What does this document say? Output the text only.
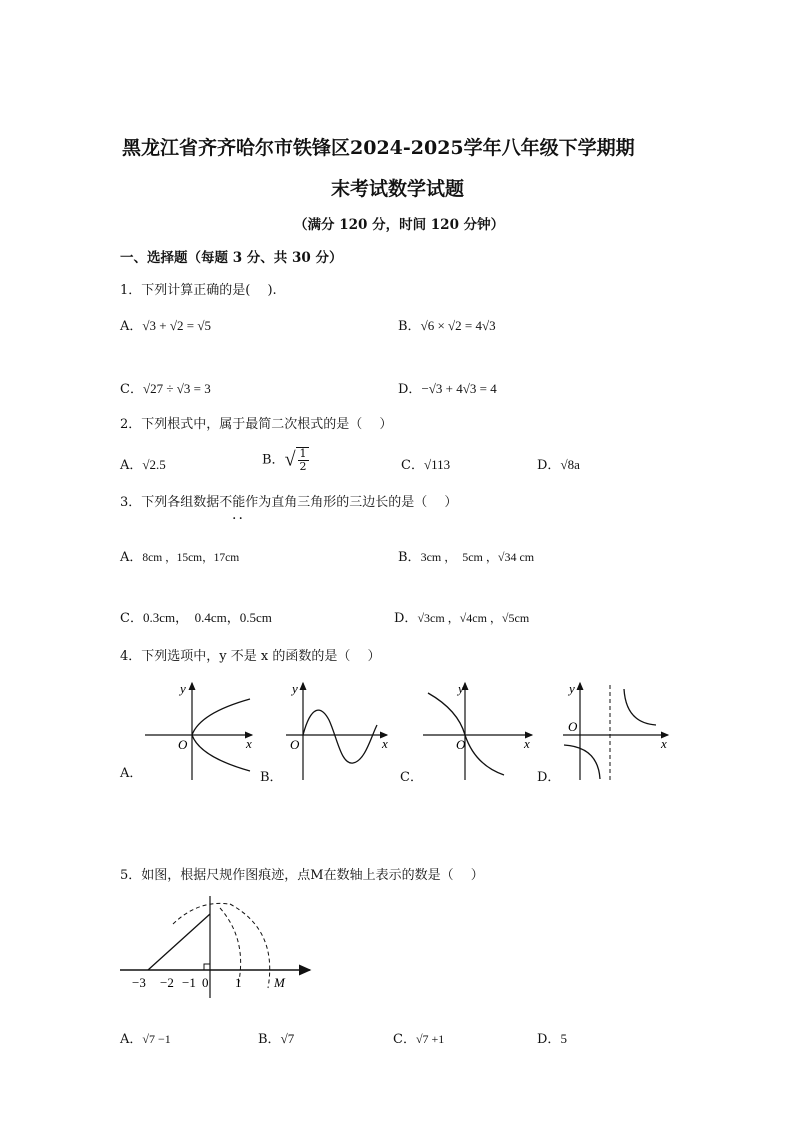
黑龙江省齐齐哈尔市铁锋区2024-2025学年八年级下学期期
末考试数学试题
（满分 120 分，时间 120 分钟）
一、选择题（每题 3 分、共 30 分）
1．下列计算正确的是(　 ).
A．√3 + √2 = √5	B．√6 × √2 = 4√3
C．√27 ÷ √3 = 3	D．−√3 + 4√3 = 4
2．下列根式中，属于最简二次根式的是（　 ）
A．√2.5	B．√ $\frac{1}{2}$	C．√113	D．√8a
3．下列各组数据不能作为直角三角形的三边长的是（　 ）
··
A．8cm ，15cm，17cm	B．3cm ，　5cm ，√34 cm
C．0.3cm，　0.4cm，0.5cm	D．√3cm ，√4cm ，√5cm
4．下列选项中，y 不是 x 的函数的是（　 ）
A．	B．	C．	D．
y
x
O
y
x
O
y
x
O
y
x
O
5．如图，根据尺规作图痕迹，点M在数轴上表示的数是（　 ）
−3 −2 −1 0 1	M
A．√7 −1	B．√7	C．√7 +1	D．5
